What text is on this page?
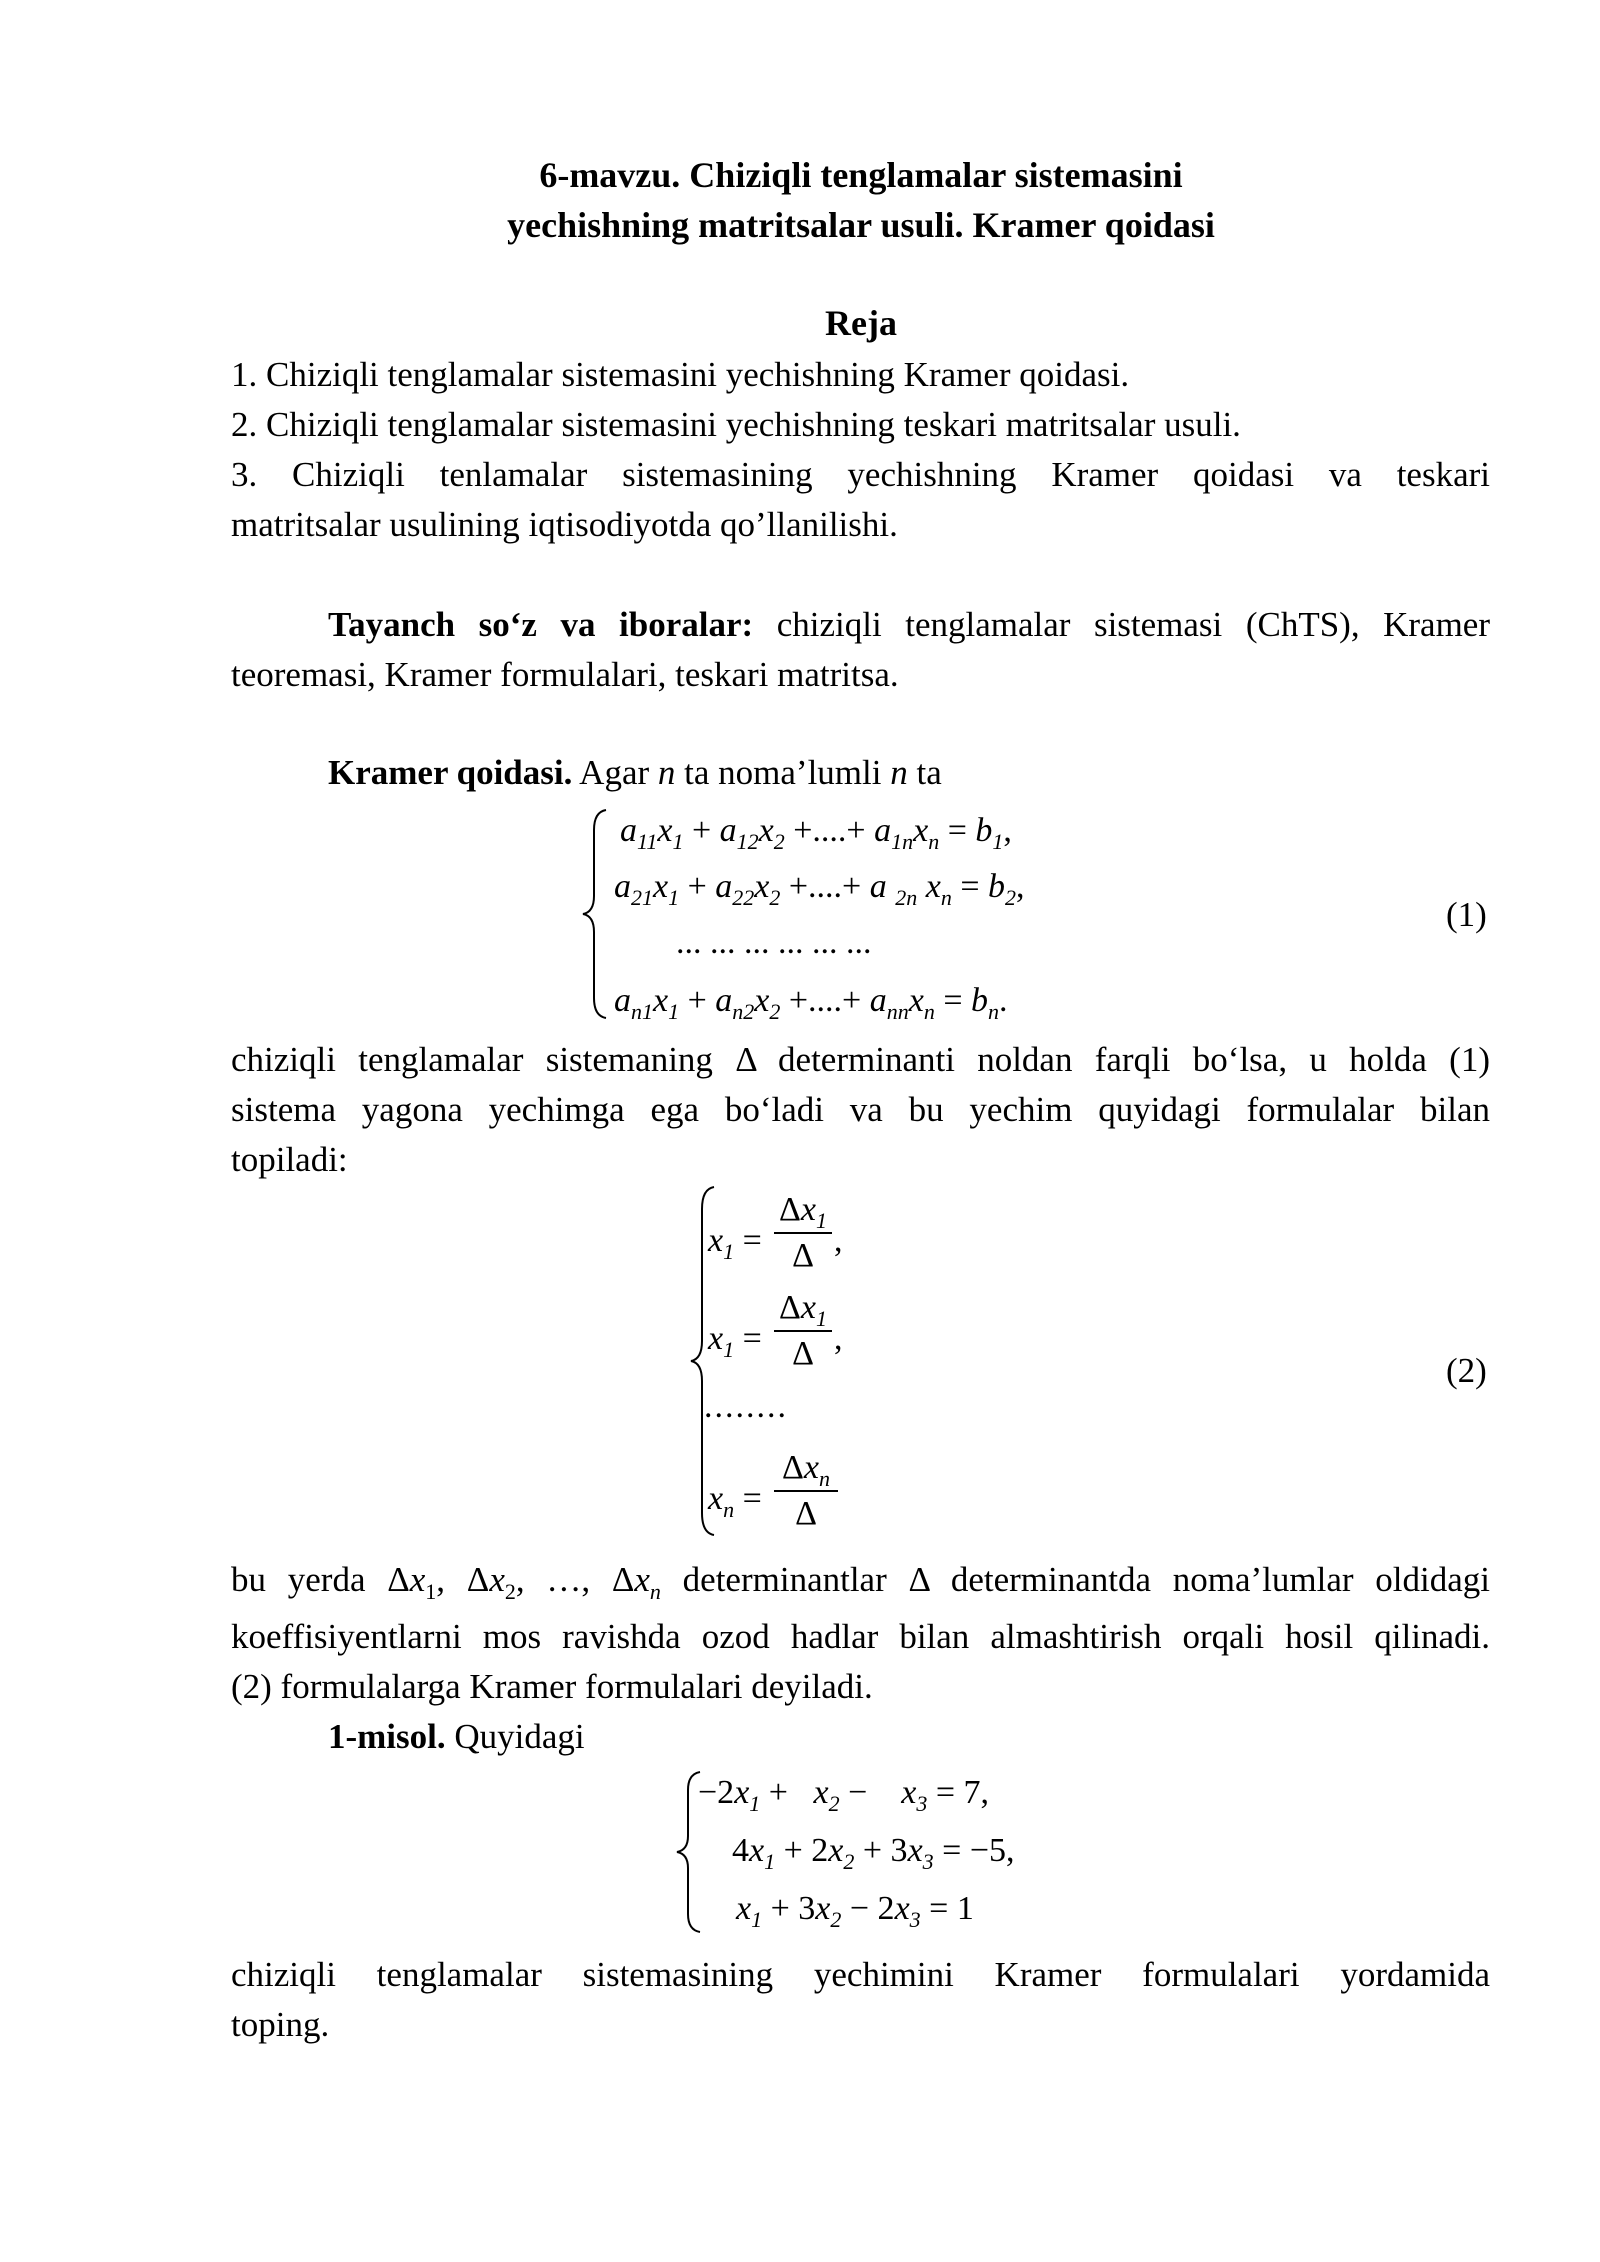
6-mavzu. Chiziqli tenglamalar sistemasini
yechishning matritsalar usuli. Kramer qoidasi
Reja
1. Chiziqli tenglamalar sistemasini yechishning Kramer qoidasi.
2. Chiziqli tenglamalar sistemasini yechishning teskari matritsalar usuli.
3. Chiziqli tenlamalar sistemasining yechishning Kramer qoidasi va teskari
matritsalar usulining iqtisodiyotda qo’llanilishi.
Tayanch so‘z va iboralar: chiziqli tenglamalar sistemasi (ChTS), Kramer
teoremasi, Kramer formulalari, teskari matritsa.
Kramer qoidasi. Agar n ta noma’lumli n ta
$a_{11}x_1 + a_{12}x_2$ +....+ $a_{1n}x_n = b_1$,
$a_{21}x_1 + a_{22}x_2$ +....+ a $_{2n}$ $x_n = b_2$,
... ... ... ... ... ...
$a_{n1}x_1 + a_{n2}x_2$ +....+ $a_{nn}x_n = b_n$.
(1)
chiziqli tenglamalar sistemaning Δ determinanti noldan farqli bo‘lsa, u holda (1)
sistema yagona yechimga ega bo‘ladi va bu yechim quyidagi formulalar bilan
topiladi:
$x_1$ =
$\Delta x_1$
Δ ,
$x_1$ =
$\Delta x_1$
Δ ,
........
$x_n$ =
$\Delta x_n$
Δ
(2)
bu yerda $\Delta x_1$, $\Delta x_2$, …, $\Delta x_n$ determinantlar Δ determinantda noma’lumlar oldidagi
koeffisiyentlarni mos ravishda ozod hadlar bilan almashtirish orqali hosil qilinadi.
(2) formulalarga Kramer formulalari deyiladi.
1-misol. Quyidagi
$-2x_1 + x_2$ −    $x_3 = 7$,
$4x_1 + 2x_2 + 3x_3 = -5$,
$x_1 + 3x_2 - 2x_3 = 1$
chiziqli tenglamalar sistemasining yechimini Kramer formulalari yordamida
toping.
